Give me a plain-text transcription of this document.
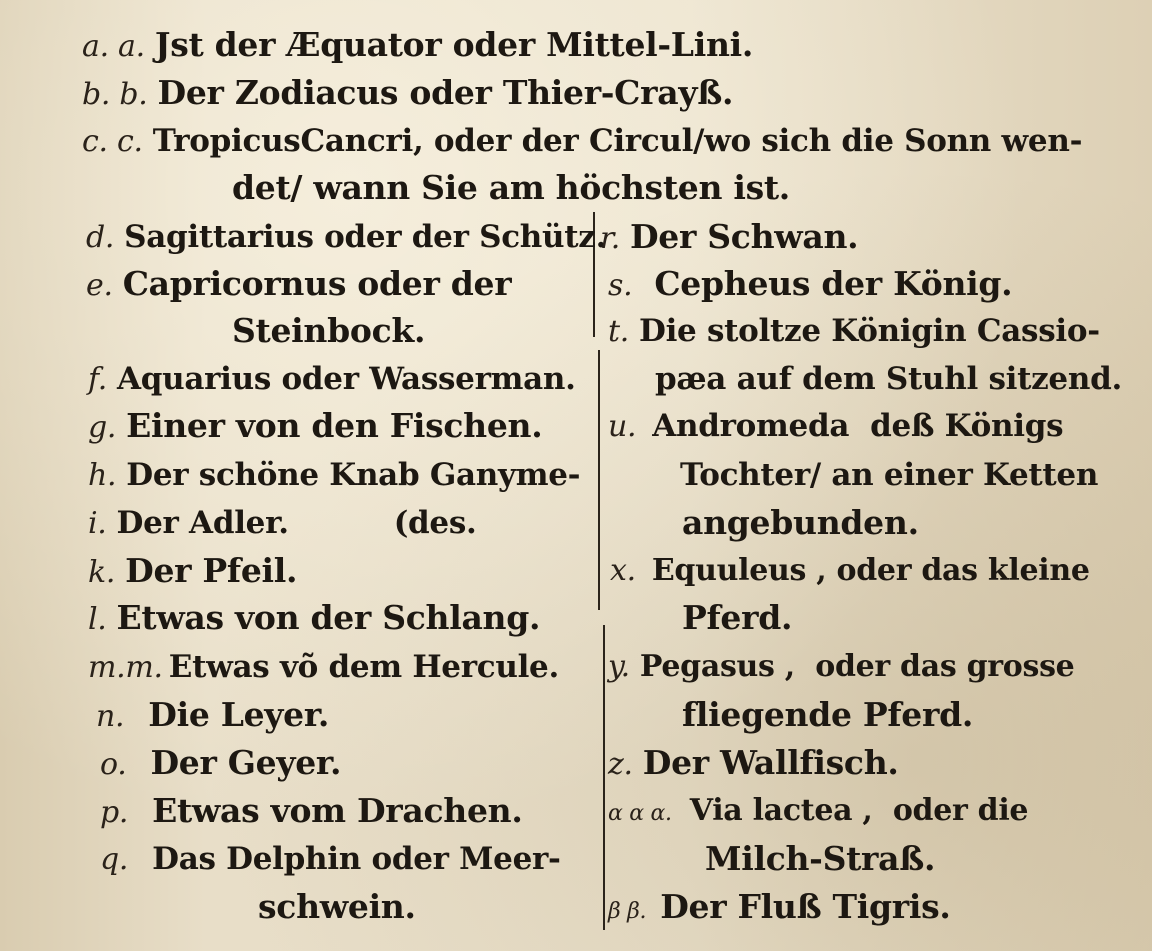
a. a. Jst der Æquator oder Mittel-Lini.
b. b. Der Zodiacus oder Thier-Crayß.
c. c. TropicusCancri, oder der Circul/wo sich die Sonn wen-
det/ wann Sie am höchsten ist.
d. Sagittarius oder der Schütz.
e. Capricornus oder der
Steinbock.
f. Aquarius oder Wasserman.
g. Einer von den Fischen.
h. Der schöne Knab Ganyme-
i. Der Adler.          (des.
k. Der Pfeil.
l. Etwas von der Schlang.
m.m. Etwas võ dem Hercule.
n. Die Leyer.
o. Der Geyer.
p. Etwas vom Drachen.
q. Das Delphin oder Meer-
schwein.
r. Der Schwan.
s. Cepheus der König.
t. Die stoltze Königin Cassio-
pæa auf dem Stuhl sitzend.
u. Andromeda  deß Königs
Tochter/ an einer Ketten
angebunden.
x. Equuleus , oder das kleine
Pferd.
y. Pegasus ,  oder das grosse
fliegende Pferd.
z. Der Wallfisch.
α α α. Via lactea ,  oder die
Milch-Straß.
β β. Der Fluß Tigris.
